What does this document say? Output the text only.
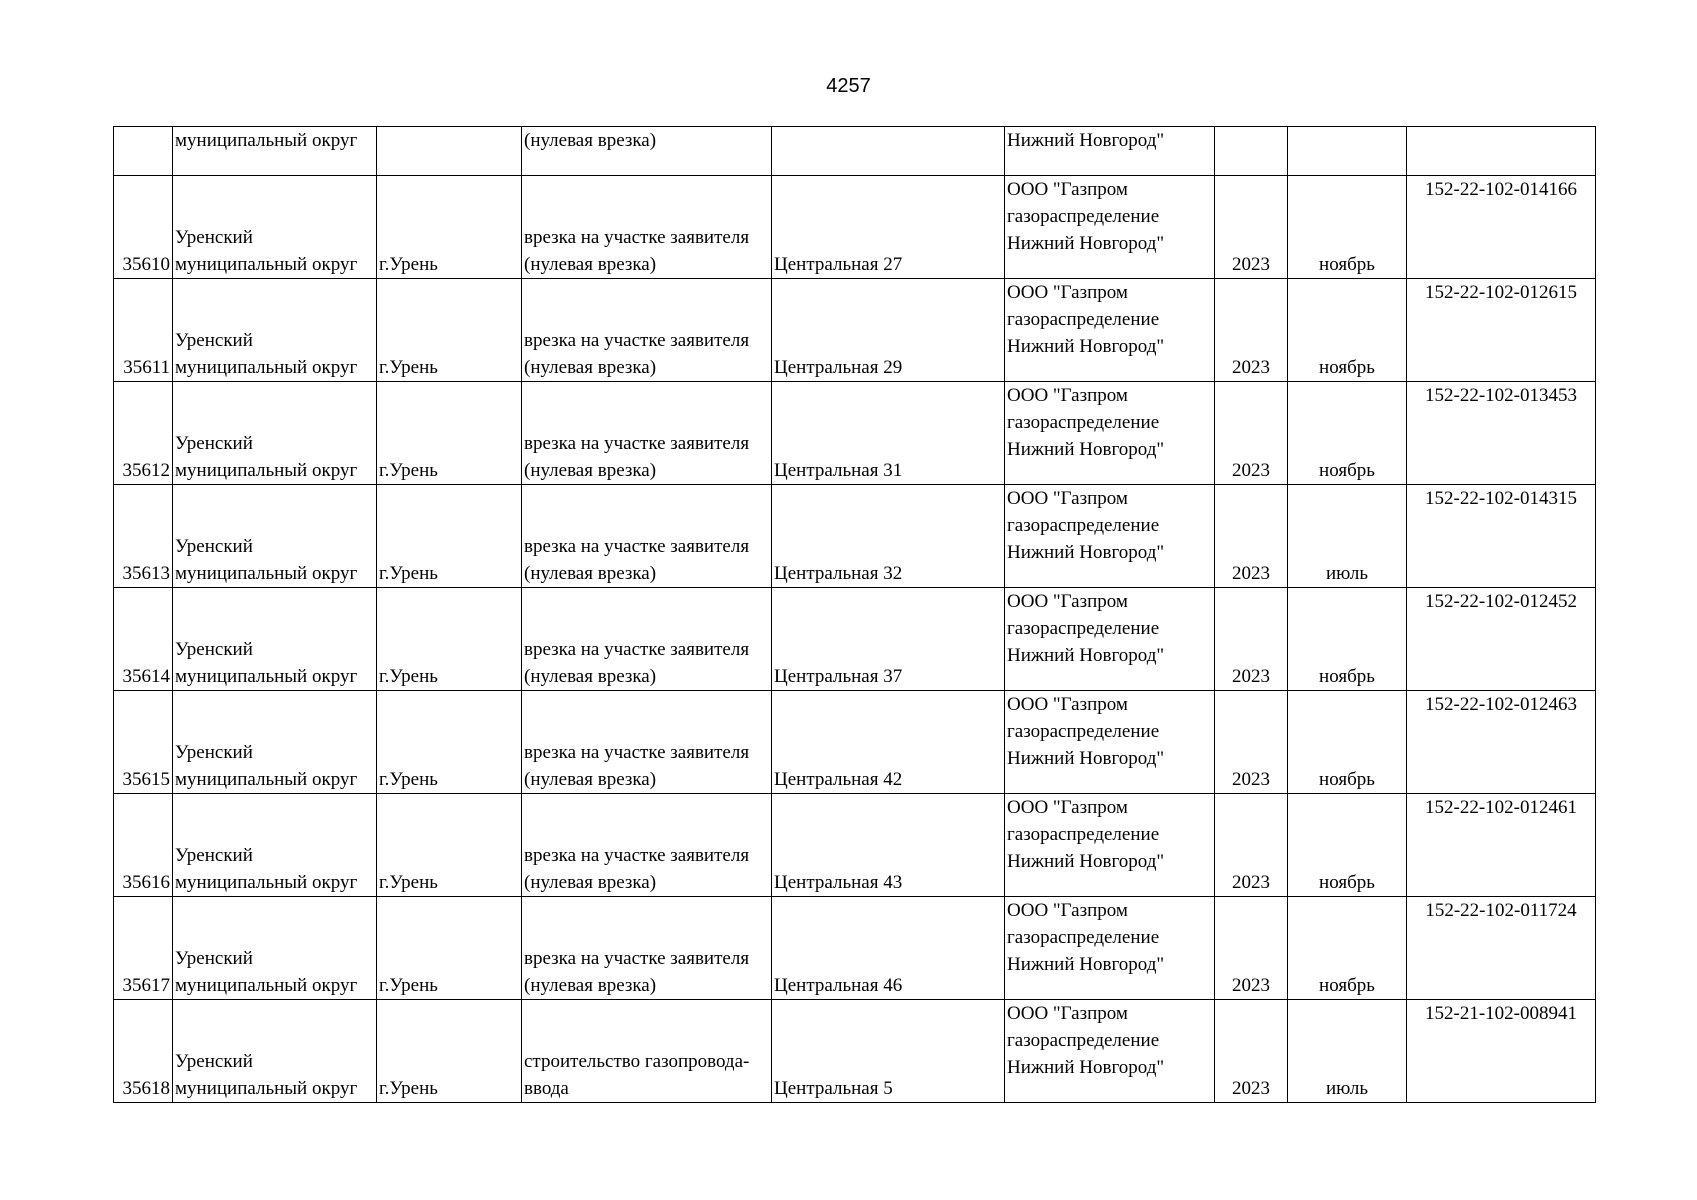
4257
	муниципальный округ		(нулевая врезка)		Нижний Новгород"			
35610	Уренский
муниципальный округ	г.Урень	врезка на участке заявителя
(нулевая врезка)	Центральная 27	ООО "Газпром
газораспределение
Нижний Новгород"	2023	ноябрь	152-22-102-014166
35611	Уренский
муниципальный округ	г.Урень	врезка на участке заявителя
(нулевая врезка)	Центральная 29	ООО "Газпром
газораспределение
Нижний Новгород"	2023	ноябрь	152-22-102-012615
35612	Уренский
муниципальный округ	г.Урень	врезка на участке заявителя
(нулевая врезка)	Центральная 31	ООО "Газпром
газораспределение
Нижний Новгород"	2023	ноябрь	152-22-102-013453
35613	Уренский
муниципальный округ	г.Урень	врезка на участке заявителя
(нулевая врезка)	Центральная 32	ООО "Газпром
газораспределение
Нижний Новгород"	2023	июль	152-22-102-014315
35614	Уренский
муниципальный округ	г.Урень	врезка на участке заявителя
(нулевая врезка)	Центральная 37	ООО "Газпром
газораспределение
Нижний Новгород"	2023	ноябрь	152-22-102-012452
35615	Уренский
муниципальный округ	г.Урень	врезка на участке заявителя
(нулевая врезка)	Центральная 42	ООО "Газпром
газораспределение
Нижний Новгород"	2023	ноябрь	152-22-102-012463
35616	Уренский
муниципальный округ	г.Урень	врезка на участке заявителя
(нулевая врезка)	Центральная 43	ООО "Газпром
газораспределение
Нижний Новгород"	2023	ноябрь	152-22-102-012461
35617	Уренский
муниципальный округ	г.Урень	врезка на участке заявителя
(нулевая врезка)	Центральная 46	ООО "Газпром
газораспределение
Нижний Новгород"	2023	ноябрь	152-22-102-011724
35618	Уренский
муниципальный округ	г.Урень	строительство газопровода-
ввода	Центральная 5	ООО "Газпром
газораспределение
Нижний Новгород"	2023	июль	152-21-102-008941
